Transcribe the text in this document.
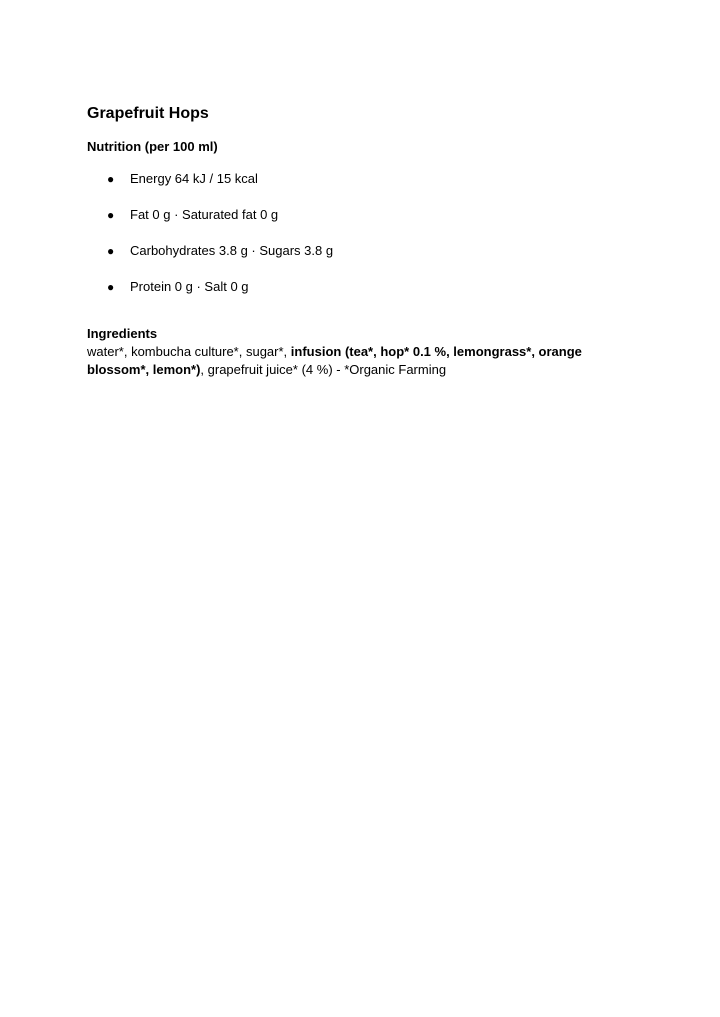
Grapefruit Hops
Nutrition (per 100 ml)
● Energy 64 kJ / 15 kcal
● Fat 0 g · Saturated fat 0 g
● Carbohydrates 3.8 g · Sugars 3.8 g
● Protein 0 g · Salt 0 g
Ingredients

water*, kombucha culture*, sugar*, infusion (tea*, hop* 0.1 %, lemongrass*, orange blossom*, lemon*), grapefruit juice* (4 %) - *Organic Farming
